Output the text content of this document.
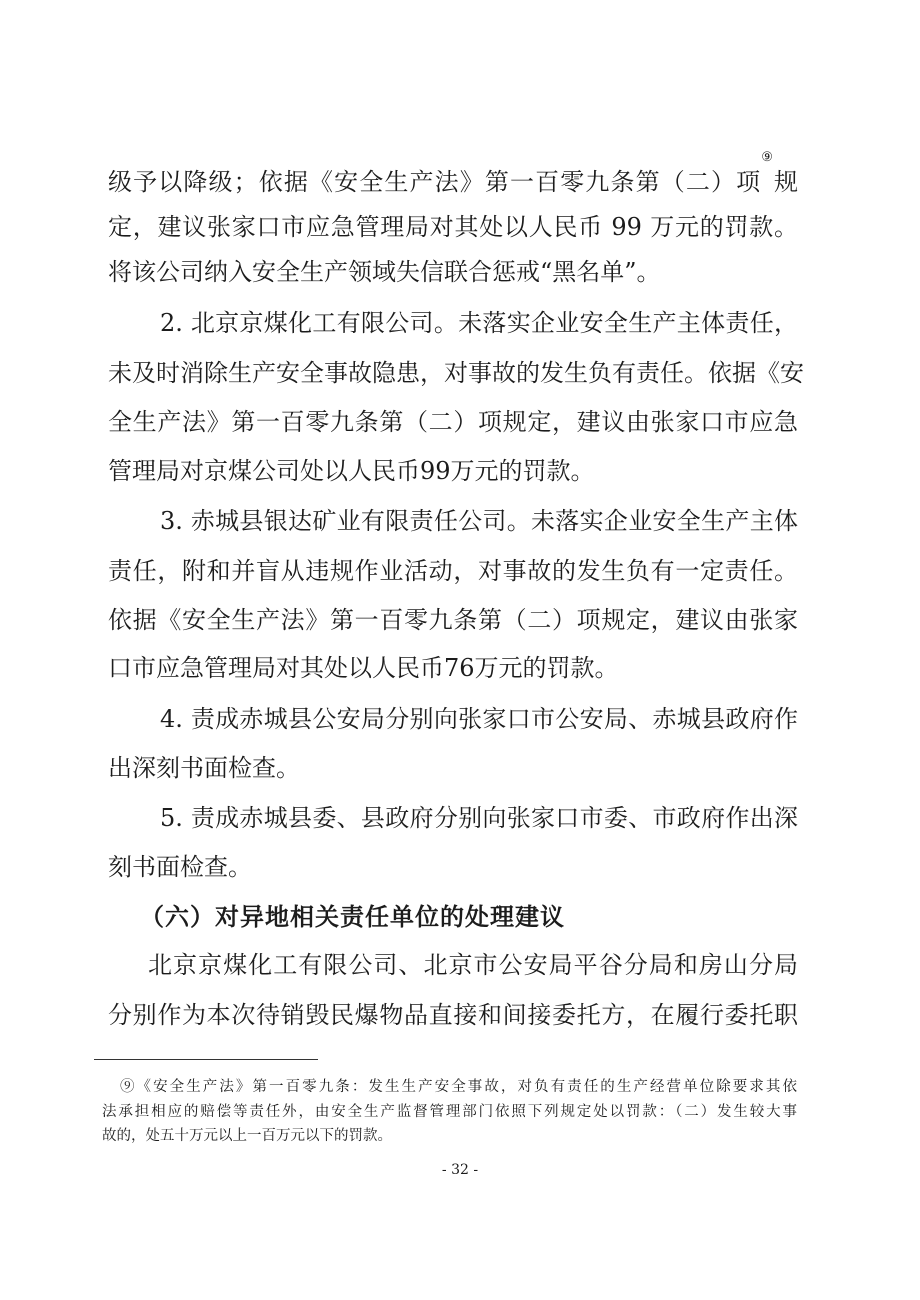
级予以降级；依据《安全生产法》第一百零九条第（二）项⑨规
定，建议张家口市应急管理局对其处以人民币 99 万元的罚款。
将该公司纳入安全生产领域失信联合惩戒“黑名单”。
2. 北京京煤化工有限公司。未落实企业安全生产主体责任，
未及时消除生产安全事故隐患，对事故的发生负有责任。依据《安
全生产法》第一百零九条第（二）项规定，建议由张家口市应急
管理局对京煤公司处以人民币99万元的罚款。
3. 赤城县银达矿业有限责任公司。未落实企业安全生产主体
责任，附和并盲从违规作业活动，对事故的发生负有一定责任。
依据《安全生产法》第一百零九条第（二）项规定，建议由张家
口市应急管理局对其处以人民币76万元的罚款。
4. 责成赤城县公安局分别向张家口市公安局、赤城县政府作
出深刻书面检查。
5. 责成赤城县委、县政府分别向张家口市委、市政府作出深
刻书面检查。
（六）对异地相关责任单位的处理建议
北京京煤化工有限公司、北京市公安局平谷分局和房山分局
分别作为本次待销毁民爆物品直接和间接委托方，在履行委托职
⑨《安全生产法》第一百零九条：发生生产安全事故，对负有责任的生产经营单位除要求其依
法承担相应的赔偿等责任外，由安全生产监督管理部门依照下列规定处以罚款：（二）发生较大事
故的，处五十万元以上一百万元以下的罚款。
- 32 -
